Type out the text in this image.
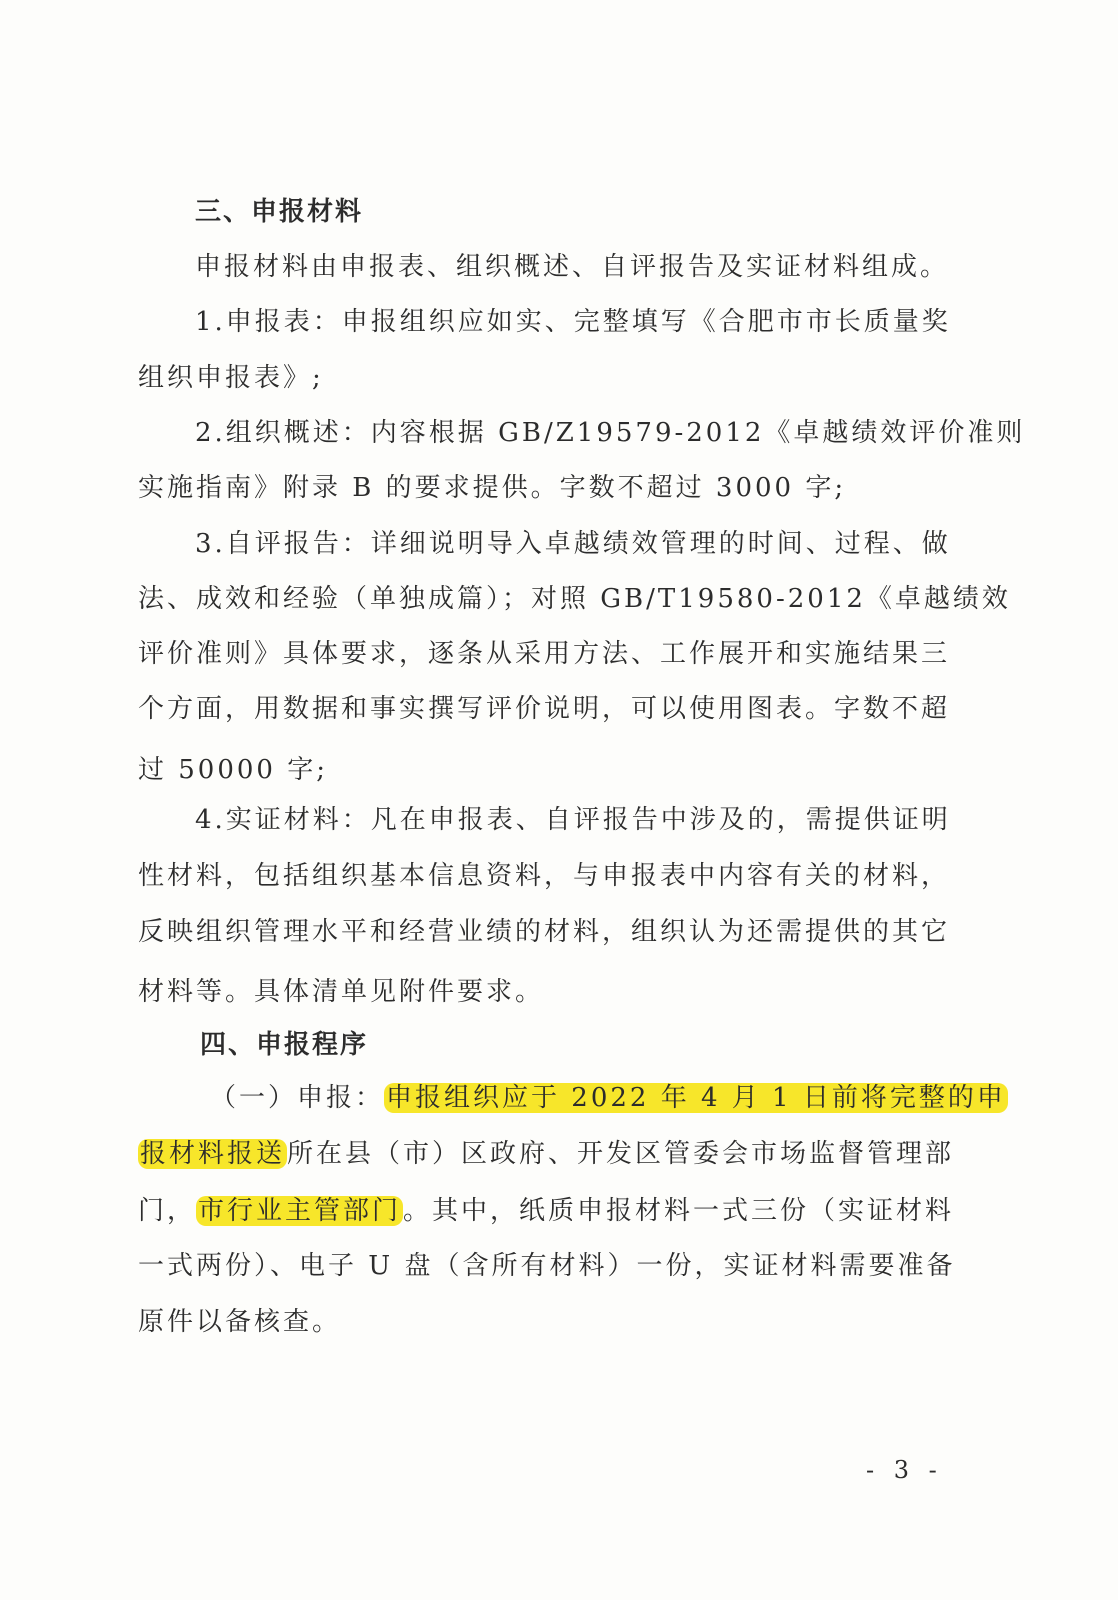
三、申报材料

申报材料由申报表、组织概述、自评报告及实证材料组成。

1.申报表：申报组织应如实、完整填写《合肥市市长质量奖

组织申报表》;

2.组织概述：内容根据 GB/Z19579-2012《卓越绩效评价准则

实施指南》附录 B 的要求提供。字数不超过 3000 字;

3.自评报告：详细说明导入卓越绩效管理的时间、过程、做

法、成效和经验（单独成篇）；对照 GB/T19580-2012《卓越绩效

评价准则》具体要求，逐条从采用方法、工作展开和实施结果三

个方面，用数据和事实撰写评价说明，可以使用图表。字数不超

过 50000 字;

4.实证材料：凡在申报表、自评报告中涉及的，需提供证明

性材料，包括组织基本信息资料，与申报表中内容有关的材料，

反映组织管理水平和经营业绩的材料，组织认为还需提供的其它

材料等。具体清单见附件要求。

四、申报程序

（一）申报：申报组织应于 2022 年 4 月 1 日前将完整的申

报材料报送所在县（市）区政府、开发区管委会市场监督管理部

门，市行业主管部门。其中，纸质申报材料一式三份（实证材料

一式两份）、电子 U 盘（含所有材料）一份，实证材料需要准备

原件以备核查。

- 3 -
